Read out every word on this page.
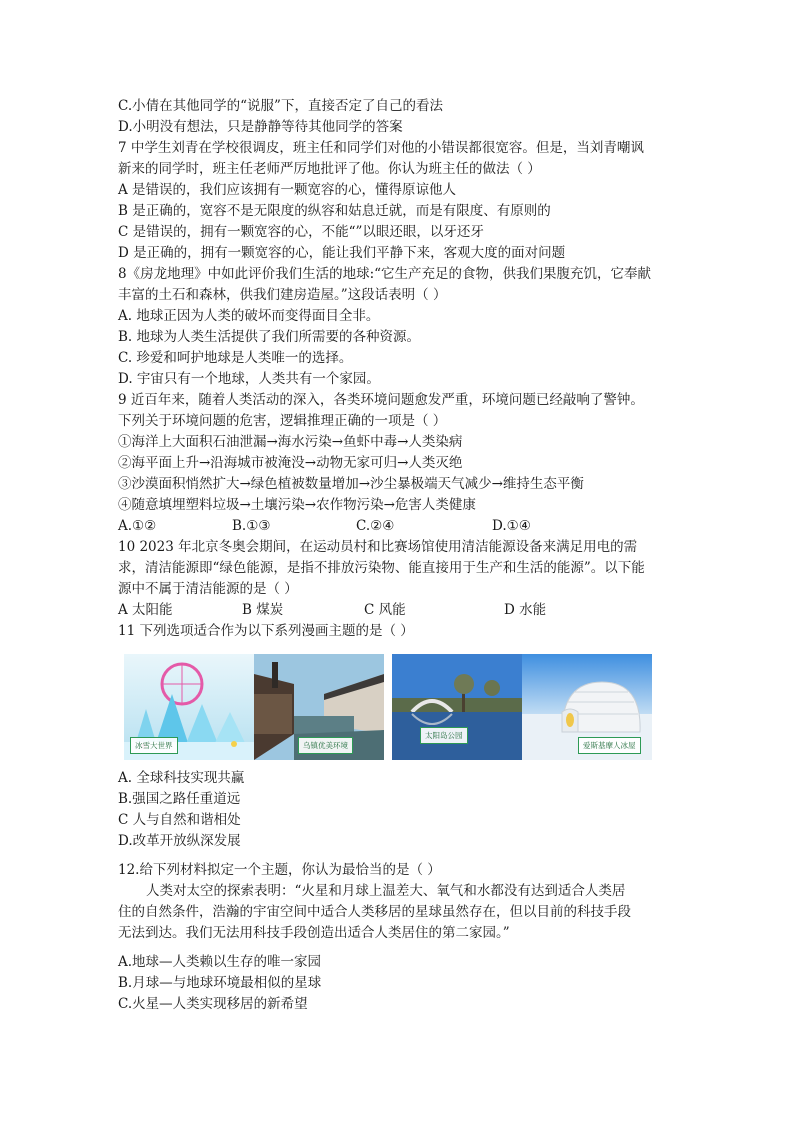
C.小倩在其他同学的“说服”下，直接否定了自己的看法
D.小明没有想法，只是静静等待其他同学的答案
7 中学生刘青在学校很调皮，班主任和同学们对他的小错误都很宽容。但是，当刘青嘲讽
新来的同学时，班主任老师严厉地批评了他。你认为班主任的做法（ ）
A 是错误的，我们应该拥有一颗宽容的心，懂得原谅他人
B 是正确的，宽容不是无限度的纵容和姑息迁就，而是有限度、有原则的
C 是错误的，拥有一颗宽容的心，不能“”以眼还眼，以牙还牙
D 是正确的，拥有一颗宽容的心，能让我们平静下来，客观大度的面对问题
8《房龙地理》中如此评价我们生活的地球:“它生产充足的食物，供我们果腹充饥，它奉献
丰富的土石和森林，供我们建房造屋。”这段话表明（ ）
A. 地球正因为人类的破坏而变得面目全非。
B. 地球为人类生活提供了我们所需要的各种资源。
C. 珍爱和呵护地球是人类唯一的选择。
D. 宇宙只有一个地球，人类共有一个家园。
9 近百年来，随着人类活动的深入，各类环境问题愈发严重，环境问题已经敲响了警钟。
下列关于环境问题的危害，逻辑推理正确的一项是（ ）
①海洋上大面积石油泄漏→海水污染→鱼虾中毒→人类染病
②海平面上升→沿海城市被淹没→动物无家可归→人类灭绝
③沙漠面积悄然扩大→绿色植被数量增加→沙尘暴极端天气减少→维持生态平衡
④随意填埋塑料垃圾→土壤污染→农作物污染→危害人类健康
A.①②	B.①③	C.②④	D.①④
10 2023 年北京冬奥会期间，在运动员村和比赛场馆使用清洁能源设备来满足用电的需
求，清洁能源即“绿色能源，是指不排放污染物、能直接用于生产和生活的能源”。以下能
源中不属于清洁能源的是（ ）
A 太阳能	B 煤炭	C 风能	D 水能
11 下列选项适合作为以下系列漫画主题的是（ ）
冰雪大世界	乌镇优美环境
太阳岛公园
爱斯基摩人冰屋
A. 全球科技实现共赢
B.强国之路任重道远
C 人与自然和谐相处
D.改革开放纵深发展
12.给下列材料拟定一个主题，你认为最恰当的是（ ）
人类对太空的探索表明：“火星和月球上温差大、氧气和水都没有达到适合人类居
住的自然条件，浩瀚的宇宙空间中适合人类移居的星球虽然存在，但以目前的科技手段
无法到达。我们无法用科技手段创造出适合人类居住的第二家园。”
A.地球—人类赖以生存的唯一家园
B.月球—与地球环境最相似的星球
C.火星—人类实现移居的新希望
